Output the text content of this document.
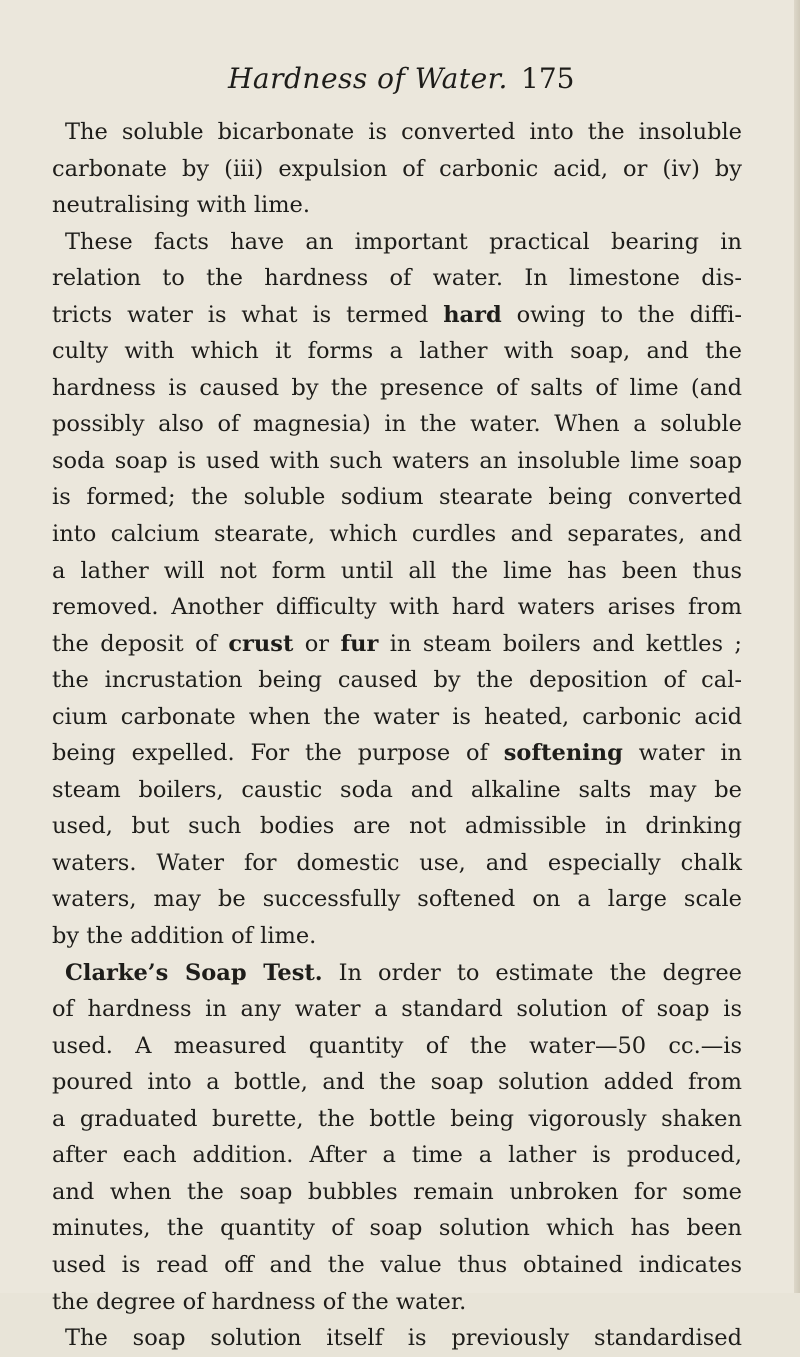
Hardness of Water. 175
The soluble bicarbonate is converted into the insoluble
carbonate by (iii) expulsion of carbonic acid, or (iv) by
neutralising with lime.
These facts have an important practical bearing in
relation to the hardness of water. In limestone dis-
tricts water is what is termed hard owing to the diffi-
culty with which it forms a lather with soap, and the
hardness is caused by the presence of salts of lime (and
possibly also of magnesia) in the water. When a soluble
soda soap is used with such waters an insoluble lime soap
is formed; the soluble sodium stearate being converted
into calcium stearate, which curdles and separates, and
a lather will not form until all the lime has been thus
removed. Another difficulty with hard waters arises from
the deposit of crust or fur in steam boilers and kettles ;
the incrustation being caused by the deposition of cal-
cium carbonate when the water is heated, carbonic acid
being expelled. For the purpose of softening water in
steam boilers, caustic soda and alkaline salts may be
used, but such bodies are not admissible in drinking
waters. Water for domestic use, and especially chalk
waters, may be successfully softened on a large scale
by the addition of lime.
Clarke’s Soap Test. In order to estimate the degree
of hardness in any water a standard solution of soap is
used. A measured quantity of the water—50 cc.—is
poured into a bottle, and the soap solution added from
a graduated burette, the bottle being vigorously shaken
after each addition. After a time a lather is produced,
and when the soap bubbles remain unbroken for some
minutes, the quantity of soap solution which has been
used is read off and the value thus obtained indicates
the degree of hardness of the water.
The soap solution itself is previously standardised
